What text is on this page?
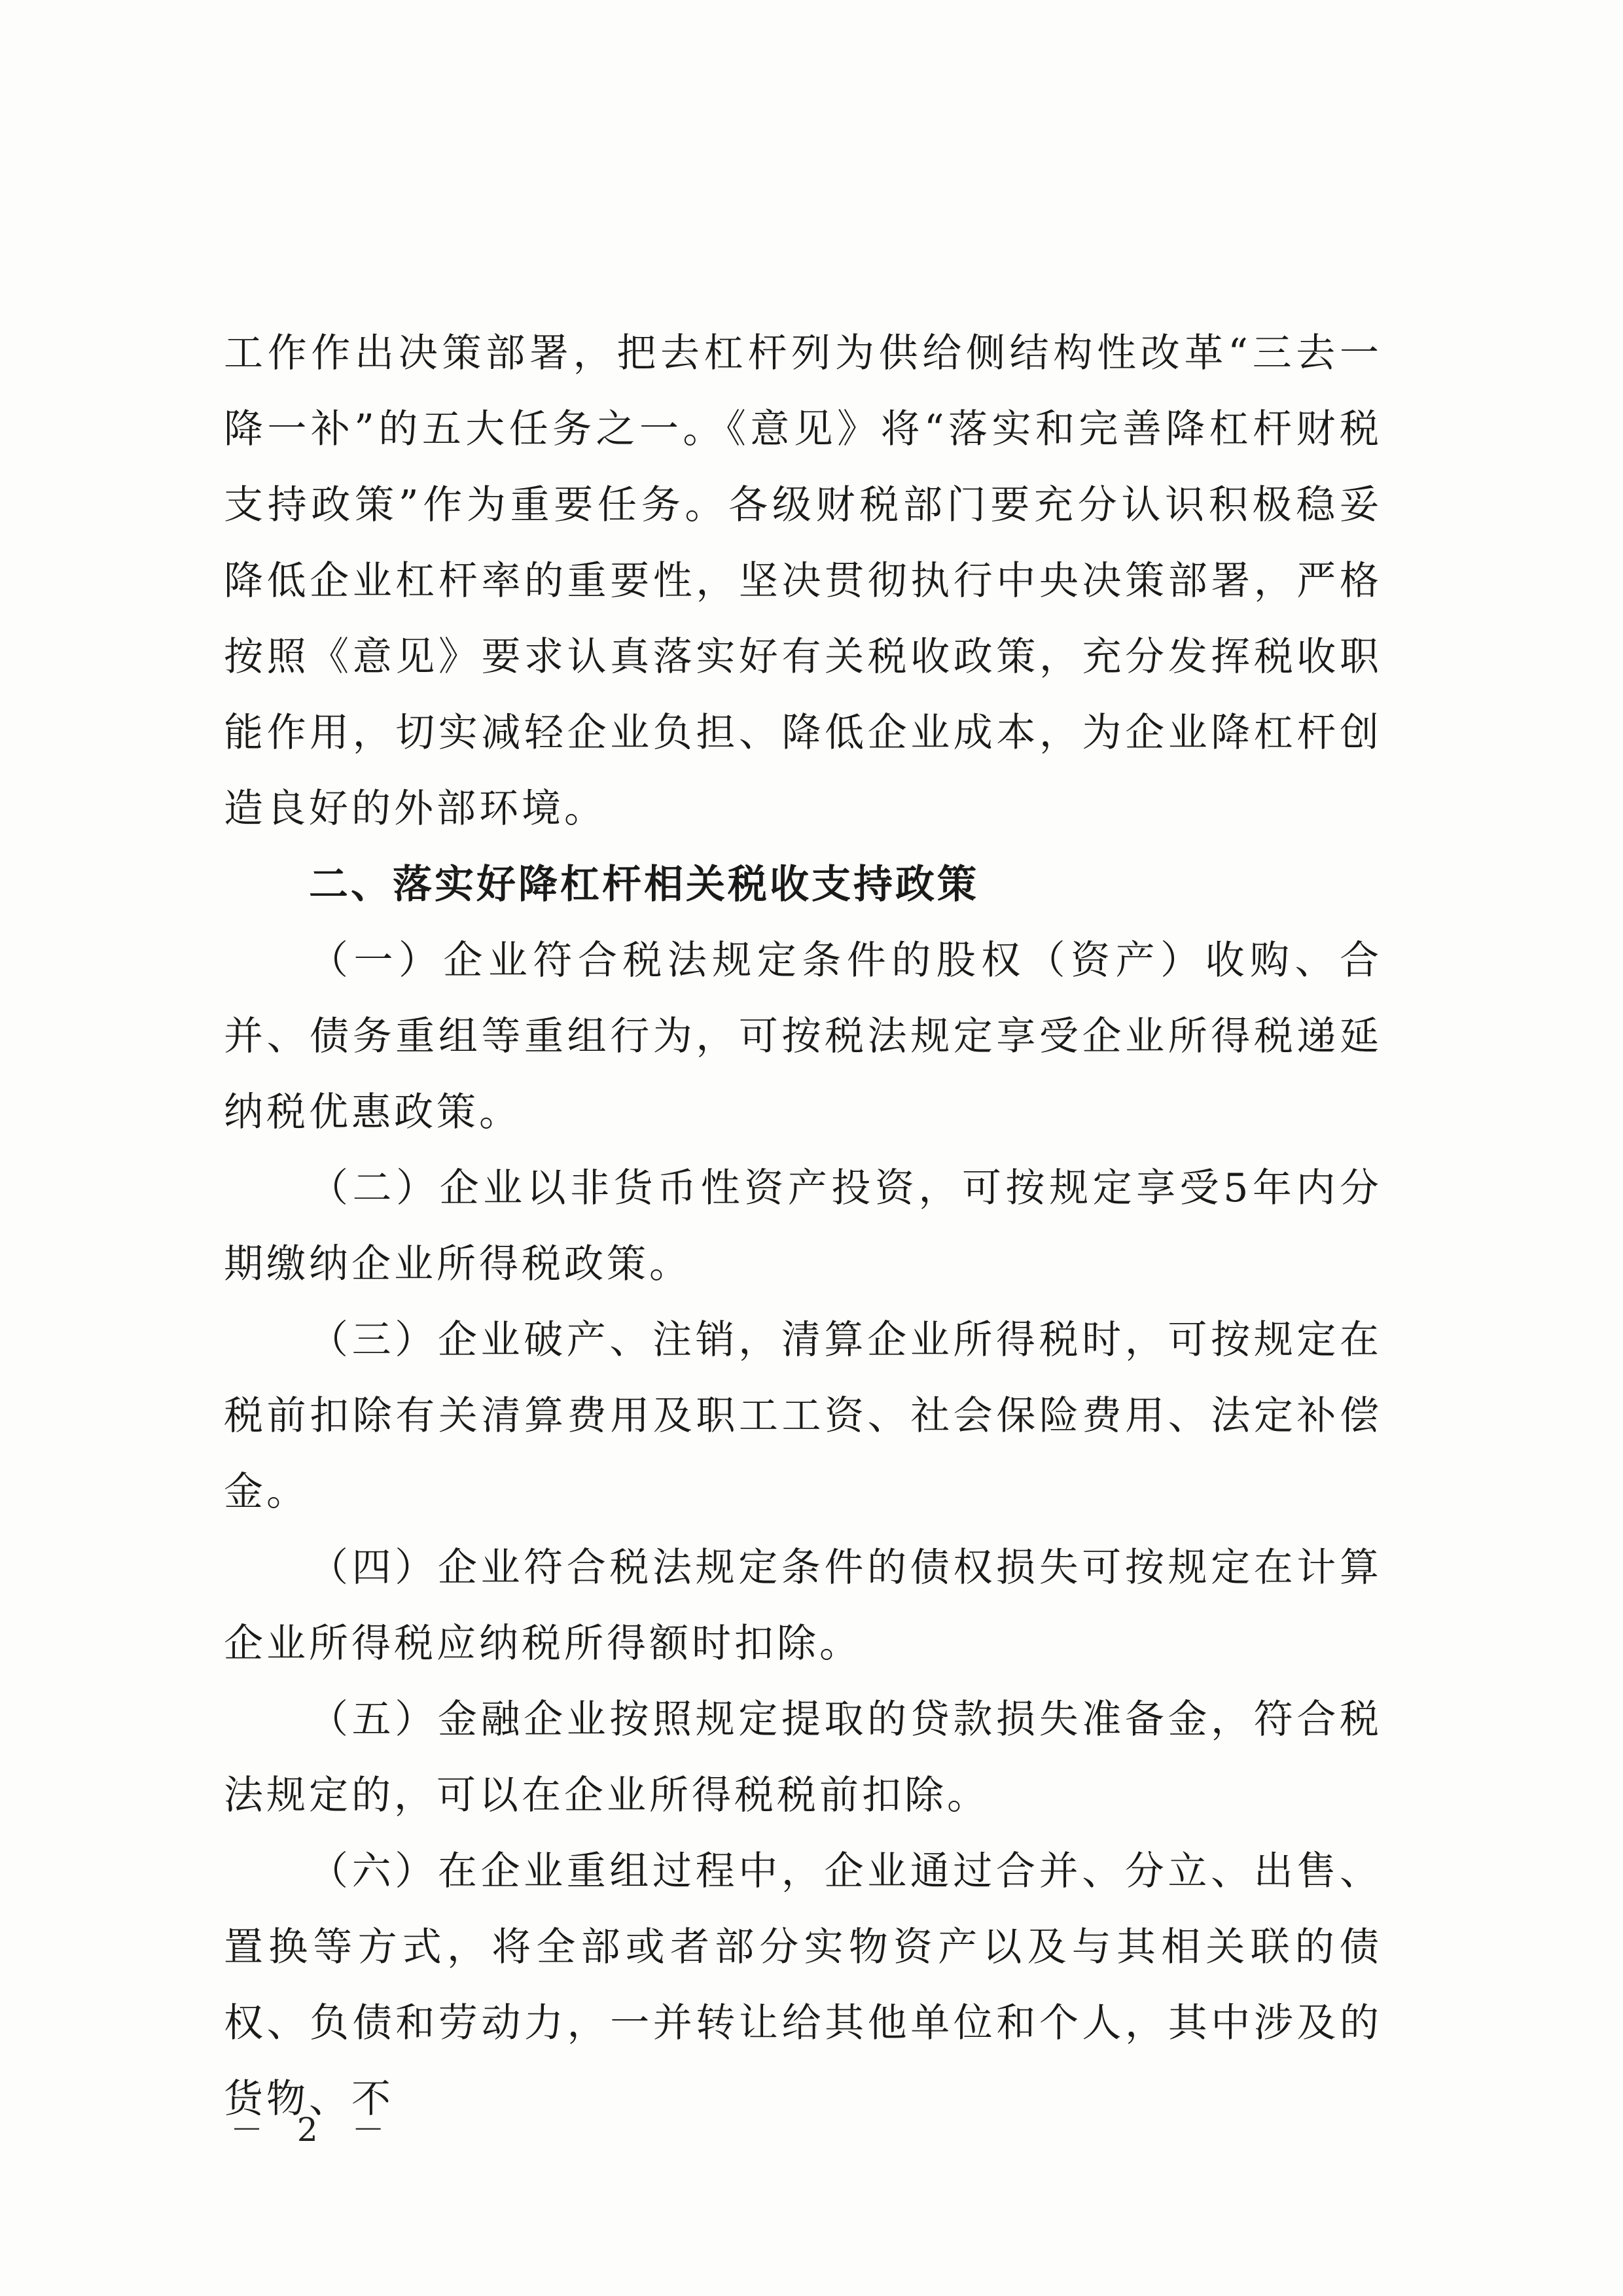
工作作出决策部署，把去杠杆列为供给侧结构性改革“三去一降一补”的五大任务之一。《意见》将“落实和完善降杠杆财税支持政策”作为重要任务。各级财税部门要充分认识积极稳妥降低企业杠杆率的重要性，坚决贯彻执行中央决策部署，严格按照《意见》要求认真落实好有关税收政策，充分发挥税收职能作用，切实减轻企业负担、降低企业成本，为企业降杠杆创造良好的外部环境。

二、落实好降杠杆相关税收支持政策

（一）企业符合税法规定条件的股权（资产）收购、合并、债务重组等重组行为，可按税法规定享受企业所得税递延纳税优惠政策。

（二）企业以非货币性资产投资，可按规定享受5年内分期缴纳企业所得税政策。

（三）企业破产、注销，清算企业所得税时，可按规定在税前扣除有关清算费用及职工工资、社会保险费用、法定补偿金。

（四）企业符合税法规定条件的债权损失可按规定在计算企业所得税应纳税所得额时扣除。

（五）金融企业按照规定提取的贷款损失准备金，符合税法规定的，可以在企业所得税税前扣除。

（六）在企业重组过程中，企业通过合并、分立、出售、置换等方式，将全部或者部分实物资产以及与其相关联的债权、负债和劳动力，一并转让给其他单位和个人，其中涉及的货物、不

－ 2 －
